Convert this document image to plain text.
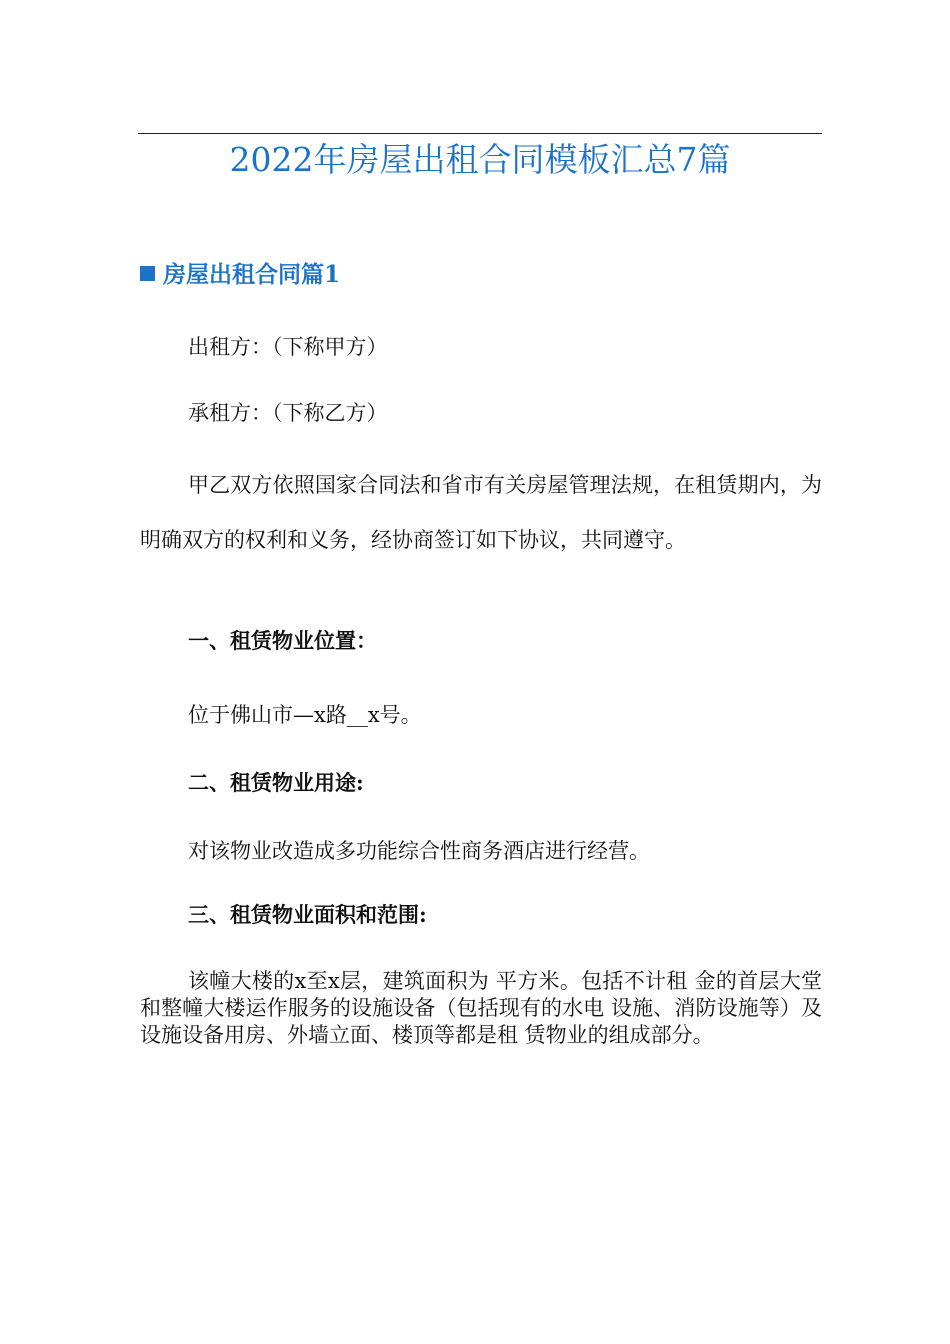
2022年房屋出租合同模板汇总7篇
房屋出租合同篇1
出租方：（下称甲方）
承租方：（下称乙方）
甲乙双方依照国家合同法和省市有关房屋管理法规，在租赁期内，为明确双方的权利和义务，经协商签订如下协议，共同遵守。
一、租赁物业位置：
位于佛山市—x路__x号。
二、租赁物业用途:
对该物业改造成多功能综合性商务酒店进行经营。
三、租赁物业面积和范围:
该幢大楼的x至x层，建筑面积为 平方米。包括不计租 金的首层大堂和整幢大楼运作服务的设施设备（包括现有的水电 设施、消防设施等）及设施设备用房、外墙立面、楼顶等都是租 赁物业的组成部分。
